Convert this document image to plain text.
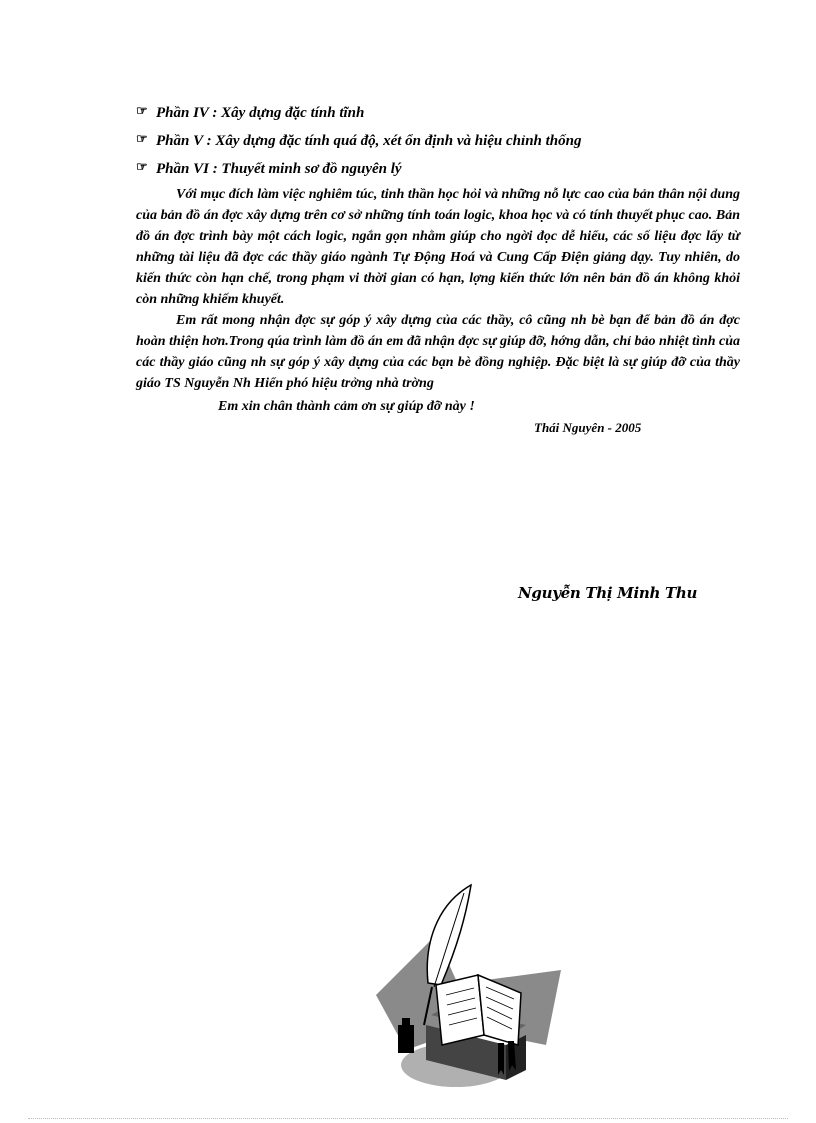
☞ Phần IV : Xây dựng đặc tính tĩnh
☞ Phần V : Xây dựng đặc tính quá độ, xét ổn định và hiệu chỉnh thống
☞ Phần VI : Thuyết minh sơ đồ nguyên lý

Với mục đích làm việc nghiêm túc, tinh thần học hỏi và những nỗ lực cao của bản thân nội dung của bản đồ án đợc xây dựng trên cơ sở những tính toán logic, khoa học và có tính thuyết phục cao. Bản đồ án đợc trình bày một cách logic, ngắn gọn nhằm giúp cho ngời đọc dễ hiểu, các số liệu đợc lấy từ những tài liệu đã đợc các thầy giáo ngành Tự Động Hoá và Cung Cấp Điện giảng dạy. Tuy nhiên, do kiến thức còn hạn chế, trong phạm vi thời gian có hạn, lợng kiến thức lớn nên bản đồ án không khỏi còn những khiếm khuyết.

Em rất mong nhận đợc sự góp ý xây dựng của các thầy, cô cũng nh bè bạn để bản đồ án đợc hoàn thiện hơn.Trong qúa trình làm đồ án em đã nhận đợc sự giúp đỡ, hớng dẫn, chỉ bảo nhiệt tình của các thầy giáo cũng nh sự góp ý xây dựng của các bạn bè đồng nghiệp. Đặc biệt là sự giúp đỡ của thầy giáo TS Nguyễn Nh Hiển phó hiệu trởng nhà trờng

Em xin chân thành cảm ơn sự giúp đỡ này !
Thái Nguyên - 2005
Nguyễn Thị Minh Thu
